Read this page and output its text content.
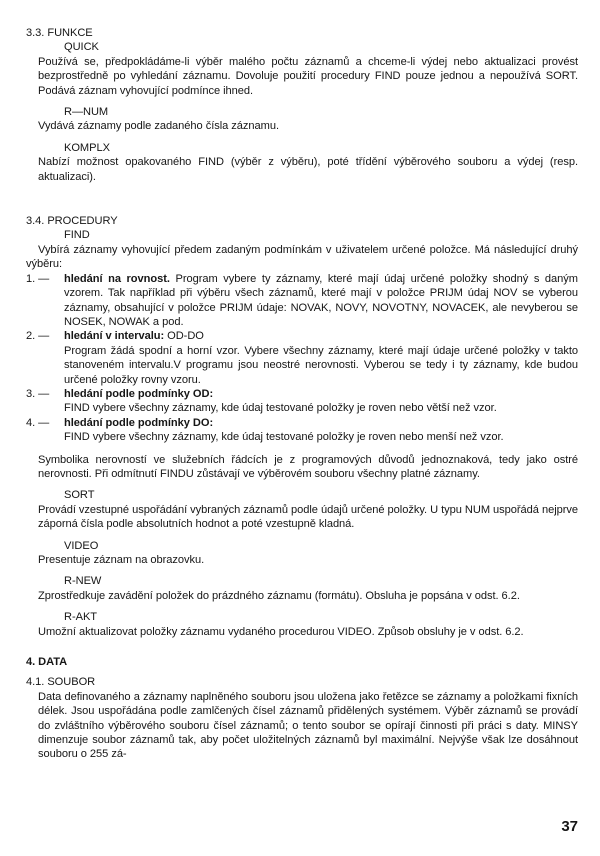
3.3. FUNKCE
QUICK
Používá se, předpokládáme-li výběr malého počtu záznamů a chceme-li výdej nebo aktualizaci provést bezprostředně po vyhledání záznamu. Dovoluje použití procedury FIND pouze jednou a nepoužívá SORT. Podává záznam vyhovující podmínce ihned.
R—NUM
Vydává záznamy podle zadaného čísla záznamu.
KOMPLX
Nabízí možnost opakovaného FIND (výběr z výběru), poté třídění výběrového souboru a výdej (resp. aktualizaci).
3.4. PROCEDURY
FIND
Vybírá záznamy vyhovující předem zadaným podmínkám v uživatelem určené položce. Má následující druhý výběru:
1. — hledání na rovnost. Program vybere ty záznamy, které mají údaj určené položky shodný s daným vzorem. Tak například při výběru všech záznamů, které mají v položce PRIJM údaj NOV se vyberou záznamy, obsahující v položce PRIJM údaje: NOVAK, NOVY, NOVOTNY, NOVACEK, ale nevyberou se NOSEK, NOWAK a pod.
2. — hledání v intervalu: OD-DO
Program žádá spodní a horní vzor. Vybere všechny záznamy, které mají údaje určené položky v takto stanoveném intervalu.V programu jsou neostré nerovnosti. Vyberou se tedy i ty záznamy, kde budou určené položky rovny vzoru.
3. — hledání podle podmínky OD:
FIND vybere všechny záznamy, kde údaj testované položky je roven nebo větší než vzor.
4. — hledání podle podmínky DO:
FIND vybere všechny záznamy, kde údaj testované položky je roven nebo menší než vzor.
Symbolika nerovností ve služebních řádcích je z programových důvodů jednoznaková, tedy jako ostré nerovnosti. Při odmítnutí FINDU zůstávají ve výběrovém souboru všechny platné záznamy.
SORT
Provádí vzestupné uspořádání vybraných záznamů podle údajů určené položky. U typu NUM uspořádá nejprve záporná čísla podle absolutních hodnot a poté vzestupně kladná.
VIDEO
Presentuje záznam na obrazovku.
R-NEW
Zprostředkuje zavádění položek do prázdného záznamu (formátu). Obsluha je popsána v odst. 6.2.
R-AKT
Umožní aktualizovat položky záznamu vydaného procedurou VIDEO. Způsob obsluhy je v odst. 6.2.
4. DATA
4.1. SOUBOR
Data definovaného a záznamy naplněného souboru jsou uložena jako řetězce se záznamy a položkami fixních délek. Jsou uspořádána podle zamlčených čísel záznamů přidělených systémem. Výběr záznamů se provádí do zvláštního výběrového souboru čísel záznamů; o tento soubor se opírají činnosti při práci s daty. MINSY dimenzuje soubor záznamů tak, aby počet uložitelných záznamů byl maximální. Nejvýše však lze dosáhnout souboru o 255 zá-
37
